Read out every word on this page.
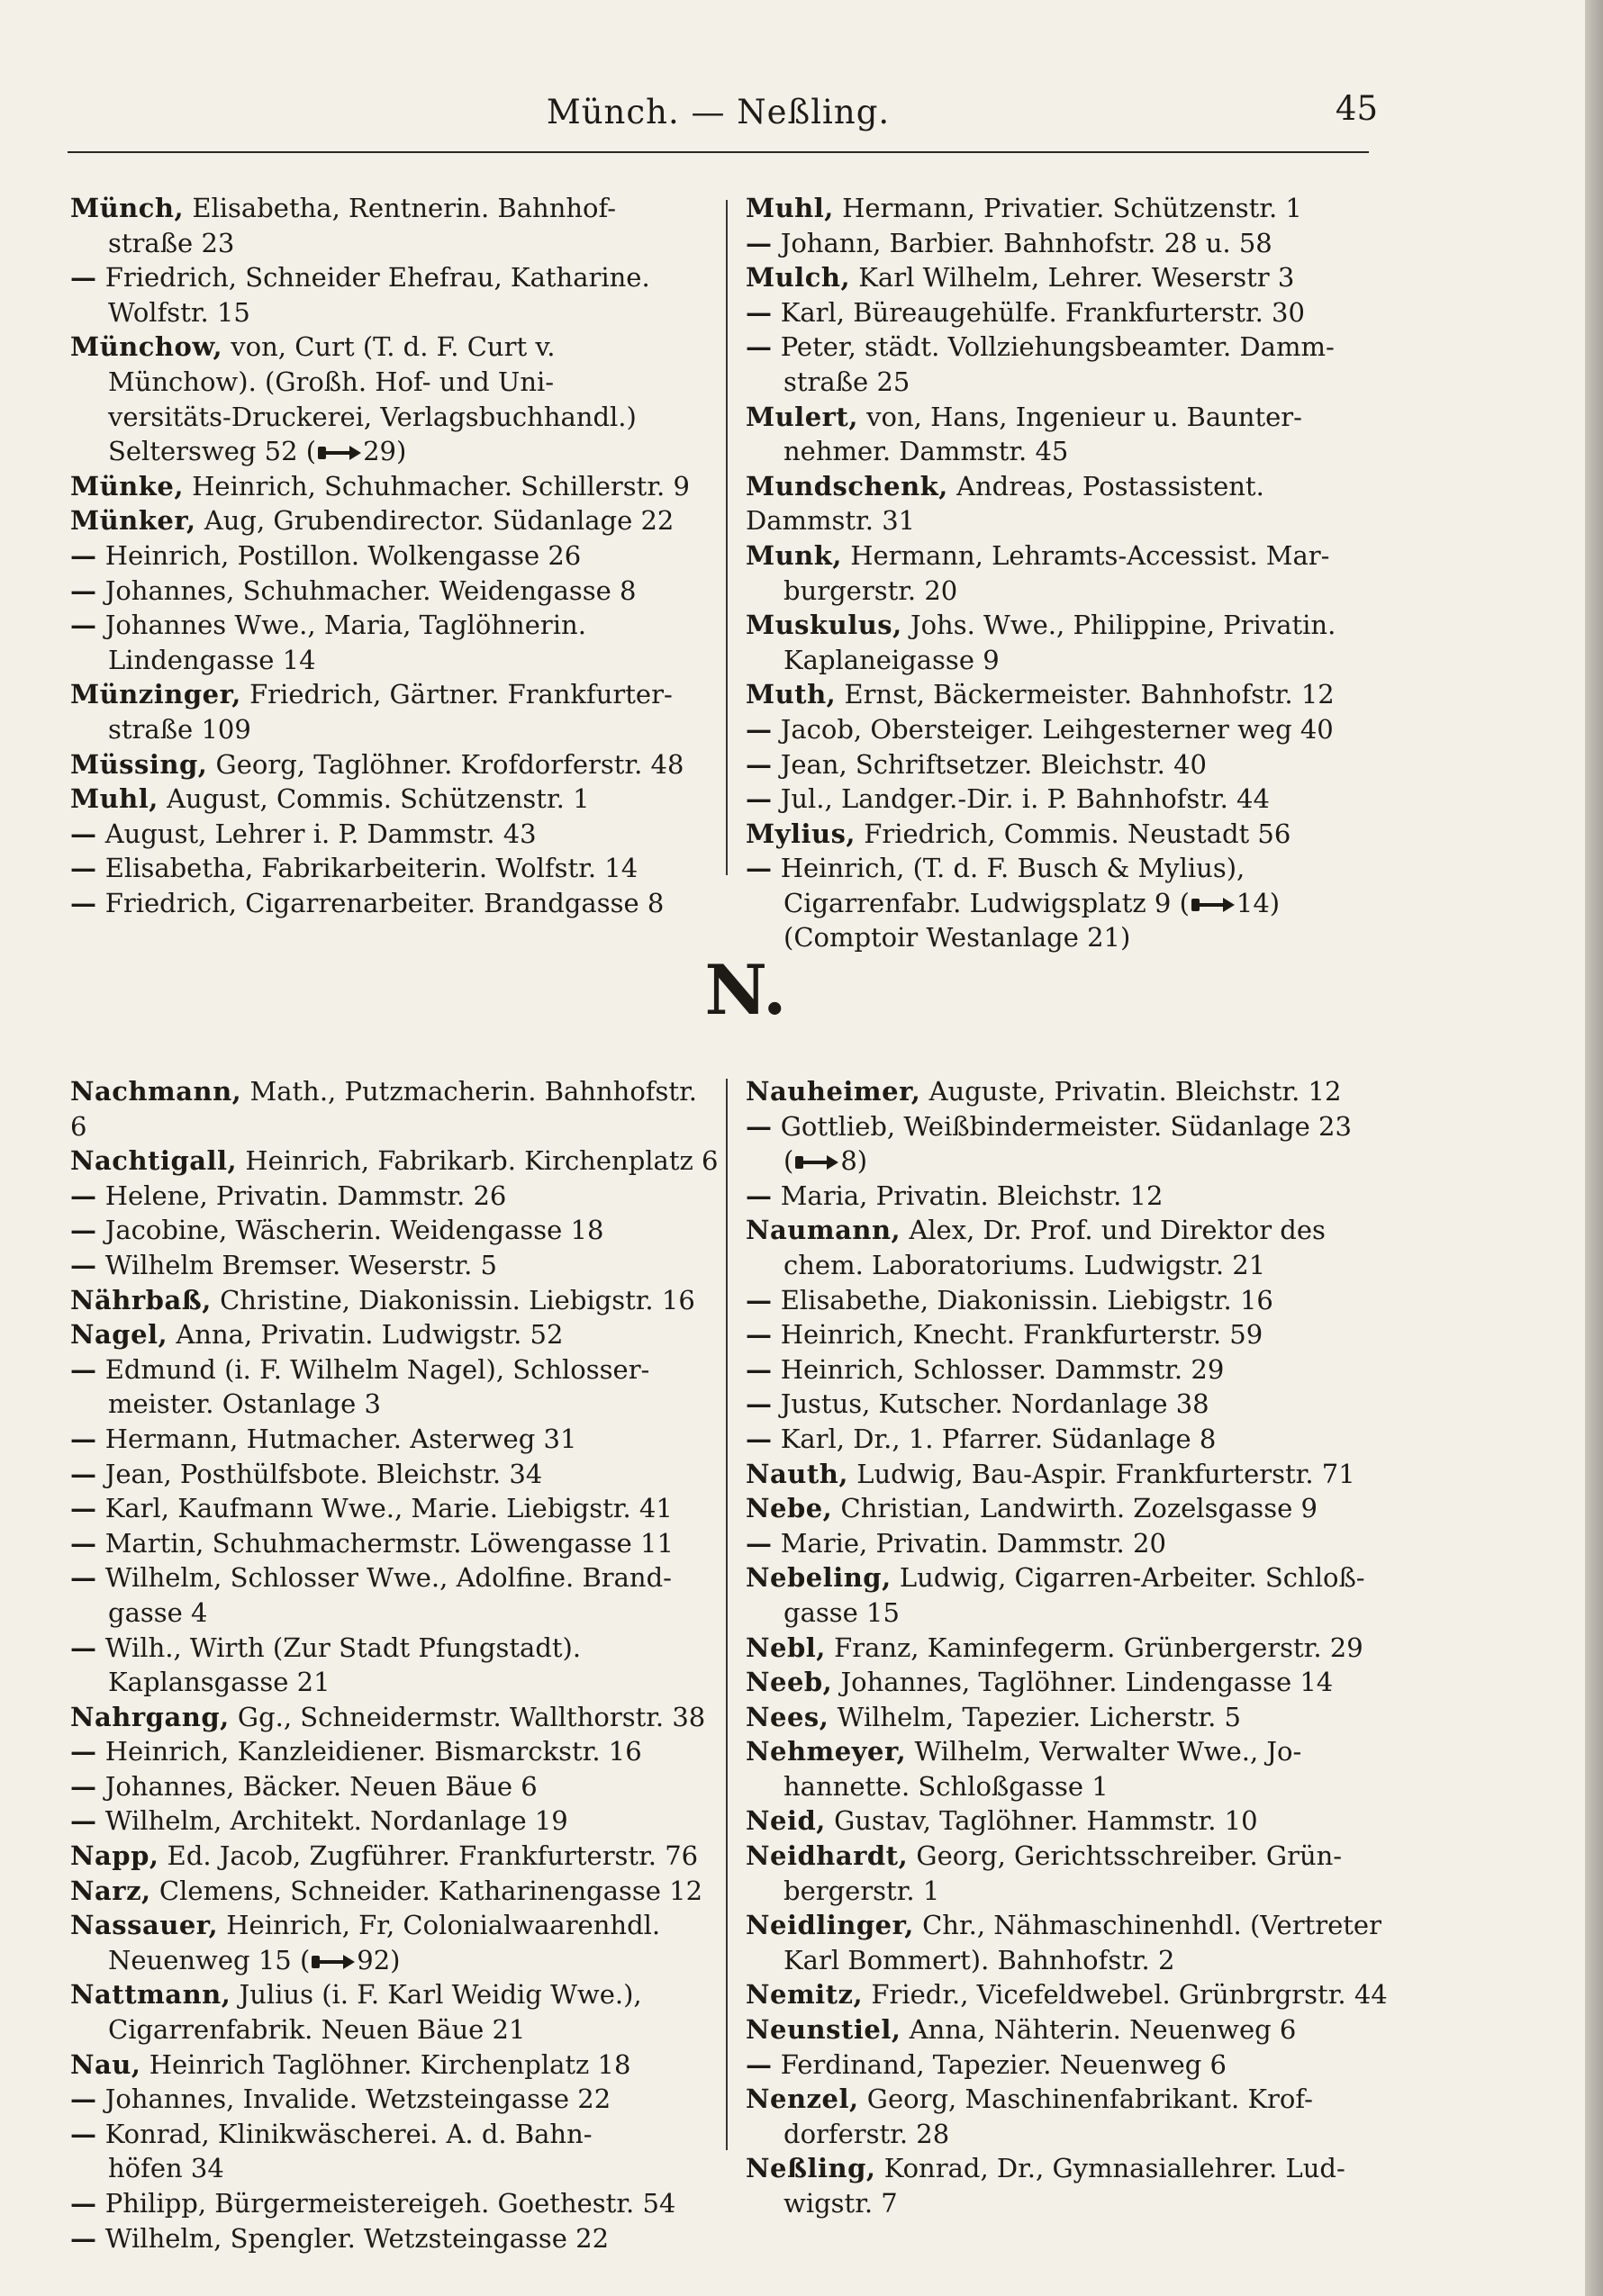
Münch. — Neßling.	45
Münch, Elisabetha, Rentnerin. Bahnhof-
straße 23
— Friedrich, Schneider Ehefrau, Katharine.
Wolfstr. 15
Münchow, von, Curt (T. d. F. Curt v.
Münchow). (Großh. Hof- und Uni-
versitäts-Druckerei, Verlagsbuchhandl.)
Seltersweg 52 ( 29)
Münke, Heinrich, Schuhmacher. Schillerstr. 9
Münker, Aug, Grubendirector. Südanlage 22
— Heinrich, Postillon. Wolkengasse 26
— Johannes, Schuhmacher. Weidengasse 8
— Johannes Wwe., Maria, Taglöhnerin.
Lindengasse 14
Münzinger, Friedrich, Gärtner. Frankfurter-
straße 109
Müssing, Georg, Taglöhner. Krofdorferstr. 48
Muhl, August, Commis. Schützenstr. 1
— August, Lehrer i. P. Dammstr. 43
— Elisabetha, Fabrikarbeiterin. Wolfstr. 14
— Friedrich, Cigarrenarbeiter. Brandgasse 8
Muhl, Hermann, Privatier. Schützenstr. 1
— Johann, Barbier. Bahnhofstr. 28 u. 58
Mulch, Karl Wilhelm, Lehrer. Weserstr 3
— Karl, Büreaugehülfe. Frankfurterstr. 30
— Peter, städt. Vollziehungsbeamter. Damm-
straße 25
Mulert, von, Hans, Ingenieur u. Baunter-
nehmer. Dammstr. 45
Mundschenk, Andreas, Postassistent. Dammstr. 31
Munk, Hermann, Lehramts-Accessist. Mar-
burgerstr. 20
Muskulus, Johs. Wwe., Philippine, Privatin.
Kaplaneigasse 9
Muth, Ernst, Bäckermeister. Bahnhofstr. 12
— Jacob, Obersteiger. Leihgesterner weg 40
— Jean, Schriftsetzer. Bleichstr. 40
— Jul., Landger.-Dir. i. P. Bahnhofstr. 44
Mylius, Friedrich, Commis. Neustadt 56
— Heinrich, (T. d. F. Busch & Mylius),
Cigarrenfabr. Ludwigsplatz 9 ( 14)
(Comptoir Westanlage 21)
N.
Nachmann, Math., Putzmacherin. Bahnhofstr. 6
Nachtigall, Heinrich, Fabrikarb. Kirchenplatz 6
— Helene, Privatin. Dammstr. 26
— Jacobine, Wäscherin. Weidengasse 18
— Wilhelm Bremser. Weserstr. 5
Nährbaß, Christine, Diakonissin. Liebigstr. 16
Nagel, Anna, Privatin. Ludwigstr. 52
— Edmund (i. F. Wilhelm Nagel), Schlosser-
meister. Ostanlage 3
— Hermann, Hutmacher. Asterweg 31
— Jean, Posthülfsbote. Bleichstr. 34
— Karl, Kaufmann Wwe., Marie. Liebigstr. 41
— Martin, Schuhmachermstr. Löwengasse 11
— Wilhelm, Schlosser Wwe., Adolfine. Brand-
gasse 4
— Wilh., Wirth (Zur Stadt Pfungstadt).
Kaplansgasse 21
Nahrgang, Gg., Schneidermstr. Wallthorstr. 38
— Heinrich, Kanzleidiener. Bismarckstr. 16
— Johannes, Bäcker. Neuen Bäue 6
— Wilhelm, Architekt. Nordanlage 19
Napp, Ed. Jacob, Zugführer. Frankfurterstr. 76
Narz, Clemens, Schneider. Katharinengasse 12
Nassauer, Heinrich, Fr, Colonialwaarenhdl.
Neuenweg 15 ( 92)
Nattmann, Julius (i. F. Karl Weidig Wwe.),
Cigarrenfabrik. Neuen Bäue 21
Nau, Heinrich Taglöhner. Kirchenplatz 18
— Johannes, Invalide. Wetzsteingasse 22
— Konrad, Klinikwäscherei. A. d. Bahn-
höfen 34
— Philipp, Bürgermeistereigeh. Goethestr. 54
— Wilhelm, Spengler. Wetzsteingasse 22
Nauheimer, Auguste, Privatin. Bleichstr. 12
— Gottlieb, Weißbindermeister. Südanlage 23
( 8)
— Maria, Privatin. Bleichstr. 12
Naumann, Alex, Dr. Prof. und Direktor des
chem. Laboratoriums. Ludwigstr. 21
— Elisabethe, Diakonissin. Liebigstr. 16
— Heinrich, Knecht. Frankfurterstr. 59
— Heinrich, Schlosser. Dammstr. 29
— Justus, Kutscher. Nordanlage 38
— Karl, Dr., 1. Pfarrer. Südanlage 8
Nauth, Ludwig, Bau-Aspir. Frankfurterstr. 71
Nebe, Christian, Landwirth. Zozelsgasse 9
— Marie, Privatin. Dammstr. 20
Nebeling, Ludwig, Cigarren-Arbeiter. Schloß-
gasse 15
Nebl, Franz, Kaminfegerm. Grünbergerstr. 29
Neeb, Johannes, Taglöhner. Lindengasse 14
Nees, Wilhelm, Tapezier. Licherstr. 5
Nehmeyer, Wilhelm, Verwalter Wwe., Jo-
hannette. Schloßgasse 1
Neid, Gustav, Taglöhner. Hammstr. 10
Neidhardt, Georg, Gerichtsschreiber. Grün-
bergerstr. 1
Neidlinger, Chr., Nähmaschinenhdl. (Vertreter
Karl Bommert). Bahnhofstr. 2
Nemitz, Friedr., Vicefeldwebel. Grünbrgrstr. 44
Neunstiel, Anna, Nähterin. Neuenweg 6
— Ferdinand, Tapezier. Neuenweg 6
Nenzel, Georg, Maschinenfabrikant. Krof-
dorferstr. 28
Neßling, Konrad, Dr., Gymnasiallehrer. Lud-
wigstr. 7
